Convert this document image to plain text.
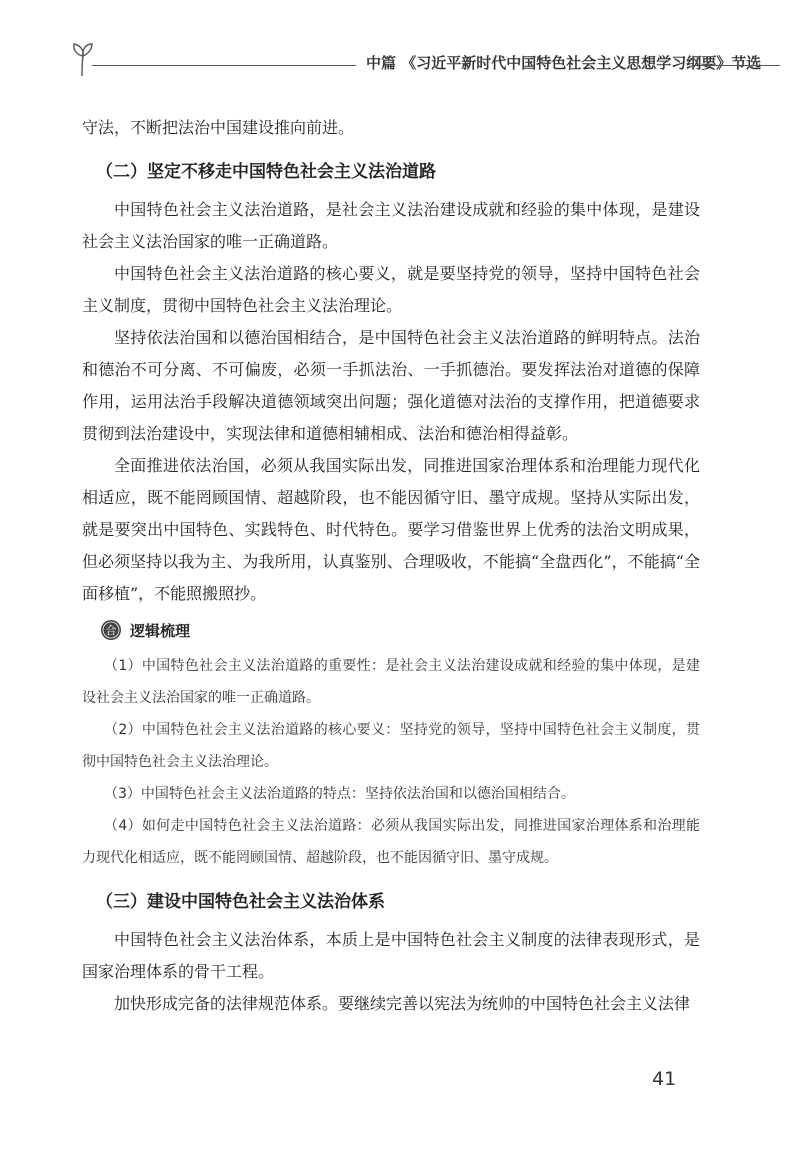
中篇 《习近平新时代中国特色社会主义思想学习纲要》节选

守法，不断把法治中国建设推向前进。

（二）坚定不移走中国特色社会主义法治道路

中国特色社会主义法治道路，是社会主义法治建设成就和经验的集中体现，是建设社会主义法治国家的唯一正确道路。

中国特色社会主义法治道路的核心要义，就是要坚持党的领导，坚持中国特色社会主义制度，贯彻中国特色社会主义法治理论。

坚持依法治国和以德治国相结合，是中国特色社会主义法治道路的鲜明特点。法治和德治不可分离、不可偏废，必须一手抓法治、一手抓德治。要发挥法治对道德的保障作用，运用法治手段解决道德领域突出问题；强化道德对法治的支撑作用，把道德要求贯彻到法治建设中，实现法律和道德相辅相成、法治和德治相得益彰。

全面推进依法治国，必须从我国实际出发，同推进国家治理体系和治理能力现代化相适应，既不能罔顾国情、超越阶段，也不能因循守旧、墨守成规。坚持从实际出发，就是要突出中国特色、实践特色、时代特色。要学习借鉴世界上优秀的法治文明成果，但必须坚持以我为主、为我所用，认真鉴别、合理吸收，不能搞“全盘西化”，不能搞“全面移植”，不能照搬照抄。

合 逻辑梳理

（1）中国特色社会主义法治道路的重要性：是社会主义法治建设成就和经验的集中体现，是建设社会主义法治国家的唯一正确道路。

（2）中国特色社会主义法治道路的核心要义：坚持党的领导，坚持中国特色社会主义制度，贯彻中国特色社会主义法治理论。

（3）中国特色社会主义法治道路的特点：坚持依法治国和以德治国相结合。

（4）如何走中国特色社会主义法治道路：必须从我国实际出发，同推进国家治理体系和治理能力现代化相适应，既不能罔顾国情、超越阶段，也不能因循守旧、墨守成规。

（三）建设中国特色社会主义法治体系

中国特色社会主义法治体系，本质上是中国特色社会主义制度的法律表现形式，是国家治理体系的骨干工程。

加快形成完备的法律规范体系。要继续完善以宪法为统帅的中国特色社会主义法律

41
